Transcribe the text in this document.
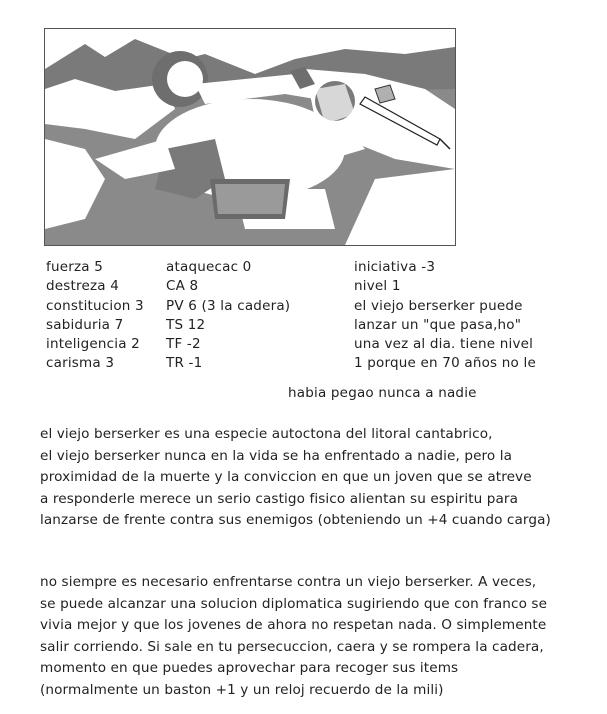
fuerza 5
destreza 4
constitucion 3
sabiduria 7
inteligencia 2
carisma 3
ataquecac 0
CA 8
PV 6 (3 la cadera)
TS 12
TF -2
TR -1
iniciativa -3
nivel 1
el viejo berserker puede
lanzar un "que pasa,ho"
una vez al dia. tiene nivel
1 porque en 70 años no le
habia pegao nunca a nadie
el viejo berserker es una especie autoctona del litoral cantabrico,
el viejo berserker nunca en la vida se ha enfrentado a nadie, pero la
proximidad de la muerte y la conviccion en que un joven que se atreve
a responderle merece un serio castigo fisico alientan su espiritu para
lanzarse de frente contra sus enemigos (obteniendo un +4 cuando carga)
no siempre es necesario enfrentarse contra un viejo berserker. A veces,
se puede alcanzar una solucion diplomatica sugiriendo que con franco se
vivia mejor y que los jovenes de ahora no respetan nada. O simplemente
salir corriendo. Si sale en tu persecuccion, caera y se rompera la cadera,
momento en que puedes aprovechar para recoger sus items
(normalmente un baston +1 y un reloj recuerdo de la mili)
